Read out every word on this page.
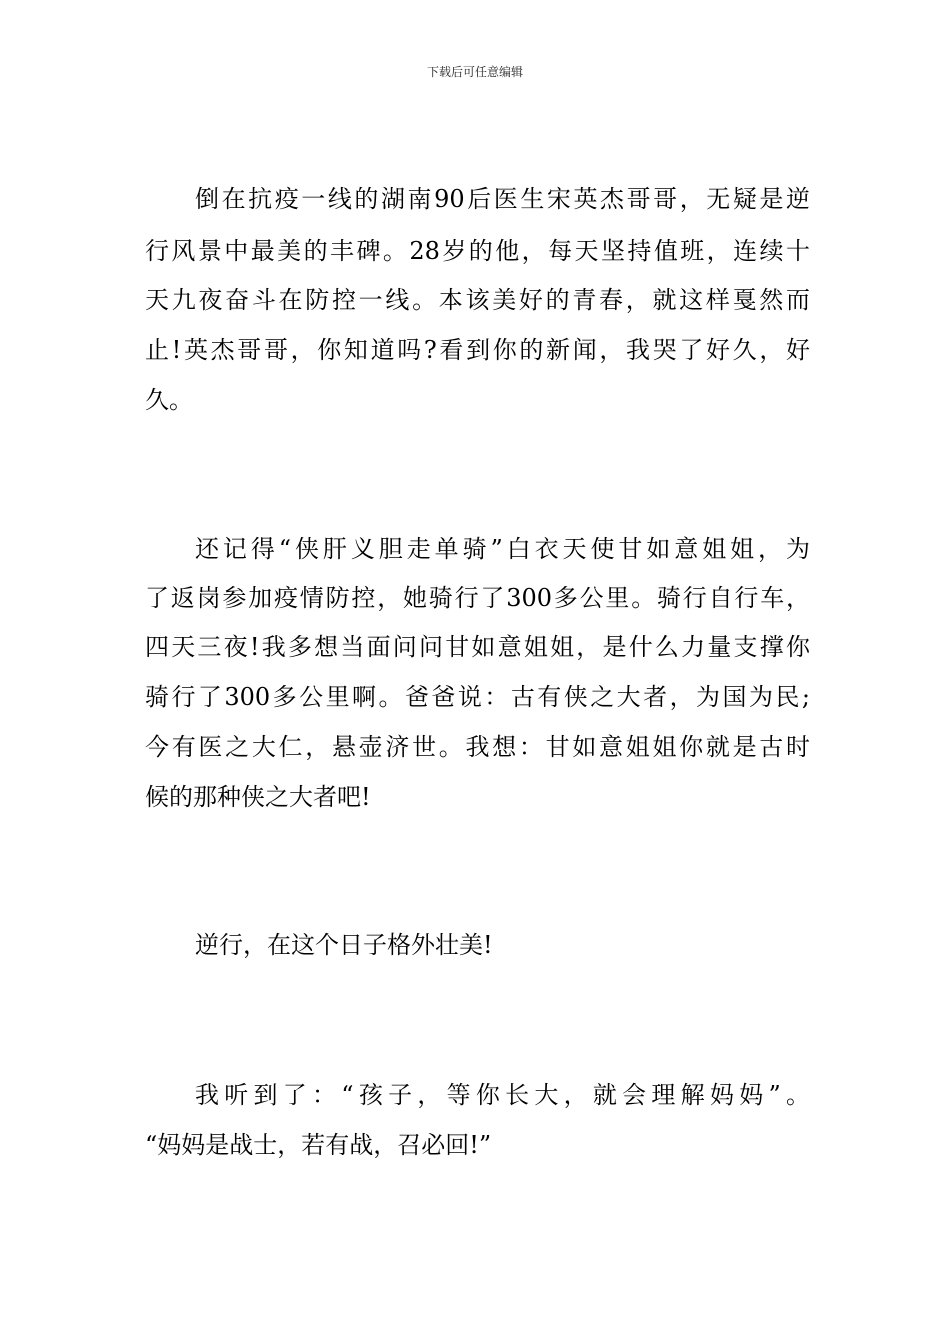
下载后可任意编辑
倒在抗疫一线的湖南90后医生宋英杰哥哥，无疑是逆
行风景中最美的丰碑。28岁的他，每天坚持值班，连续十
天九夜奋斗在防控一线。本该美好的青春，就这样戛然而
止!英杰哥哥，你知道吗?看到你的新闻，我哭了好久，好
久。
还记得“侠肝义胆走单骑”白衣天使甘如意姐姐，为
了返岗参加疫情防控，她骑行了300多公里。骑行自行车，
四天三夜!我多想当面问问甘如意姐姐，是什么力量支撑你
骑行了300多公里啊。爸爸说：古有侠之大者，为国为民;
今有医之大仁，悬壶济世。我想：甘如意姐姐你就是古时
候的那种侠之大者吧!
逆行，在这个日子格外壮美!
我听到了：“孩子，等你长大，就会理解妈妈”。
“妈妈是战士，若有战，召必回!”
